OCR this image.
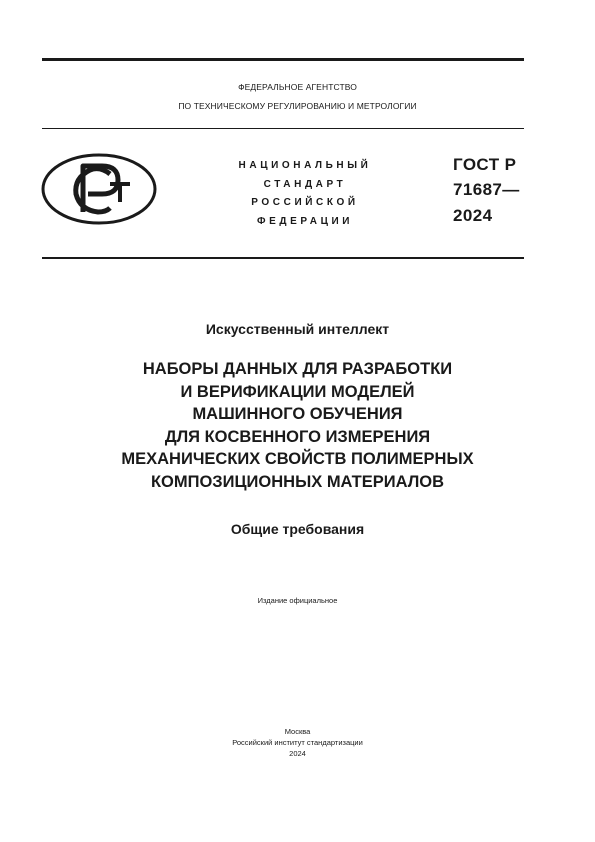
ФЕДЕРАЛЬНОЕ АГЕНТСТВО
ПО ТЕХНИЧЕСКОМУ РЕГУЛИРОВАНИЮ И МЕТРОЛОГИИ
НАЦИОНАЛЬНЫЙ
СТАНДАРТ
РОССИЙСКОЙ
ФЕДЕРАЦИИ
ГОСТ Р
71687—
2024
Искусственный интеллект
НАБОРЫ ДАННЫХ ДЛЯ РАЗРАБОТКИ
И ВЕРИФИКАЦИИ МОДЕЛЕЙ
МАШИННОГО ОБУЧЕНИЯ
ДЛЯ КОСВЕННОГО ИЗМЕРЕНИЯ
МЕХАНИЧЕСКИХ СВОЙСТВ ПОЛИМЕРНЫХ
КОМПОЗИЦИОННЫХ МАТЕРИАЛОВ
Общие требования
Издание официальное
Москва
Российский институт стандартизации
2024
